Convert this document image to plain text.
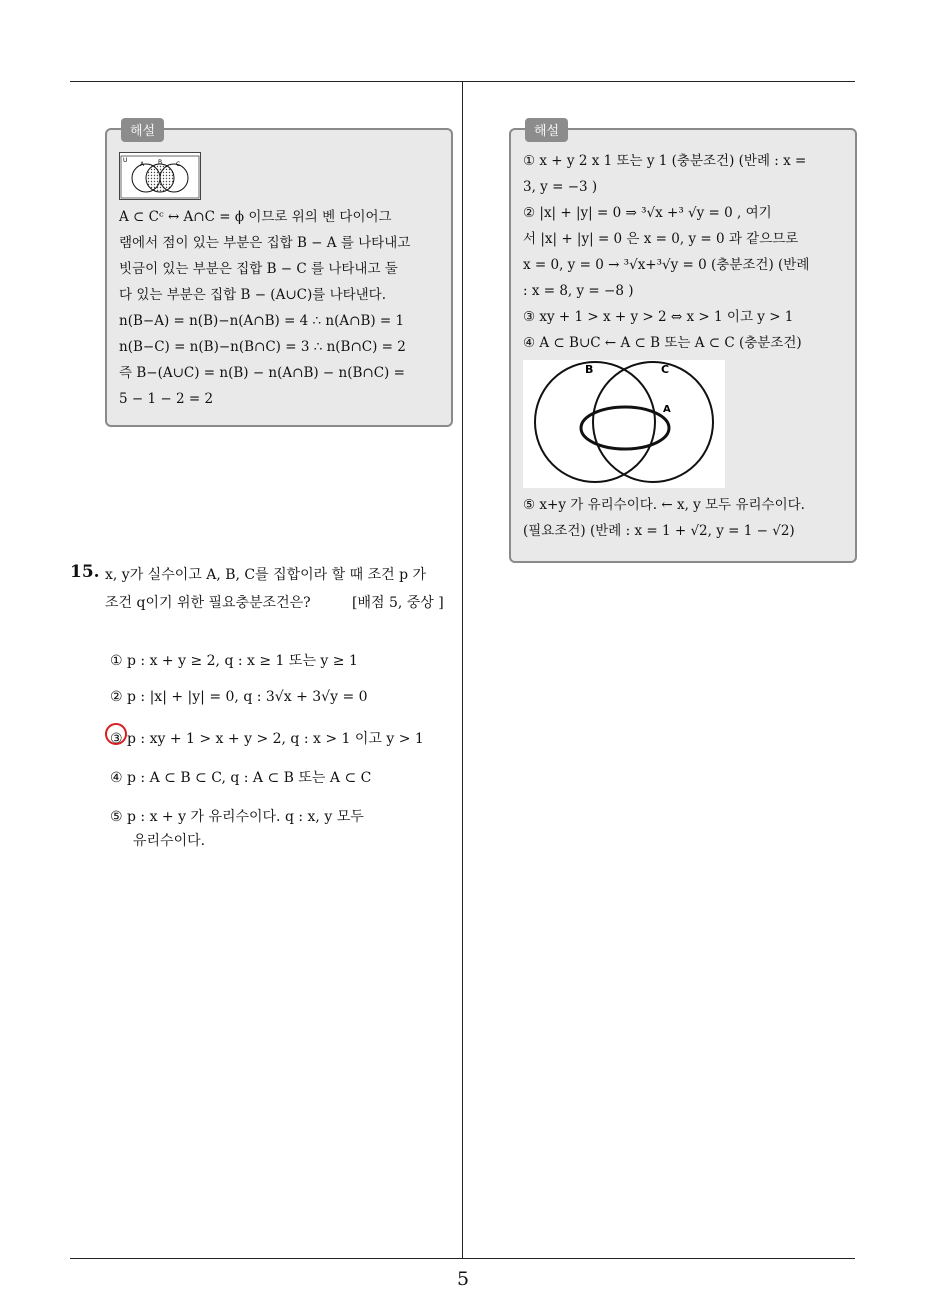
해설
U
A B C
A ⊂ Cᶜ ↔ A∩C = ϕ 이므로 위의 벤 다이어그
램에서 점이 있는 부분은 집합 B − A 를 나타내고
빗금이 있는 부분은 집합 B − C 를 나타내고 둘
다 있는 부분은 집합 B − (A∪C)를 나타낸다.
n(B−A) = n(B)−n(A∩B) = 4 ∴ n(A∩B) = 1
n(B−C) = n(B)−n(B∩C) = 3 ∴ n(B∩C) = 2
즉 B−(A∪C) = n(B) − n(A∩B) − n(B∩C) =
5 − 1 − 2 = 2
해설
① x + y 2 x 1 또는 y 1 (충분조건) (반례 : x =
3, y = −3 )
② |x| + |y| = 0 ⇒ ³√x +³ √y = 0 , 여기
서 |x| + |y| = 0 은 x = 0, y = 0 과 같으므로
x = 0, y = 0 → ³√x+³√y = 0 (충분조건) (반례
: x = 8, y = −8 )
③ xy + 1 > x + y > 2 ⇔ x > 1 이고 y > 1
④ A ⊂ B∪C ← A ⊂ B 또는 A ⊂ C (충분조건)
B	C
A
⑤ x+y 가 유리수이다. ← x, y 모두 유리수이다.
(필요조건) (반례 : x = 1 + √2, y = 1 − √2)
15. x, y가 실수이고 A, B, C를 집합이라 할 때 조건 p 가
조건 q이기 위한 필요충분조건은?	[배점 5, 중상 ]
① p : x + y ≥ 2, q : x ≥ 1 또는 y ≥ 1
② p : |x| + |y| = 0, q : 3√x + 3√y = 0
③ p : xy + 1 > x + y > 2, q : x > 1 이고 y > 1
④ p : A ⊂ B ⊂ C, q : A ⊂ B 또는 A ⊂ C
⑤ p : x + y 가 유리수이다. q : x, y 모두
유리수이다.
5
